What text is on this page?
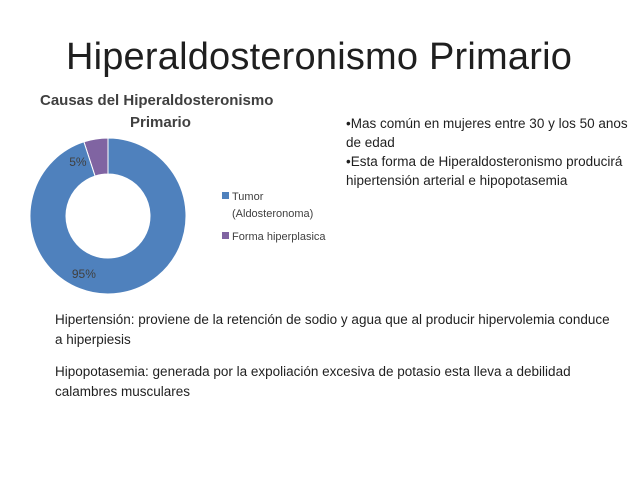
Hiperaldosteronismo Primario
Causas del Hiperaldosteronismo
Primario
95%
5%
Tumor (Aldosteronoma)
Forma hiperplasica

•Mas común en mujeres entre 30 y los 50 anos de edad

•Esta forma de Hiperaldosteronismo producirá hipertensión arterial e hipopotasemia

Hipertensión: proviene de la retención de sodio y agua que al producir hipervolemia conduce a hiperpiesis

Hipopotasemia: generada por la expoliación excesiva de potasio esta lleva a debilidad calambres musculares
